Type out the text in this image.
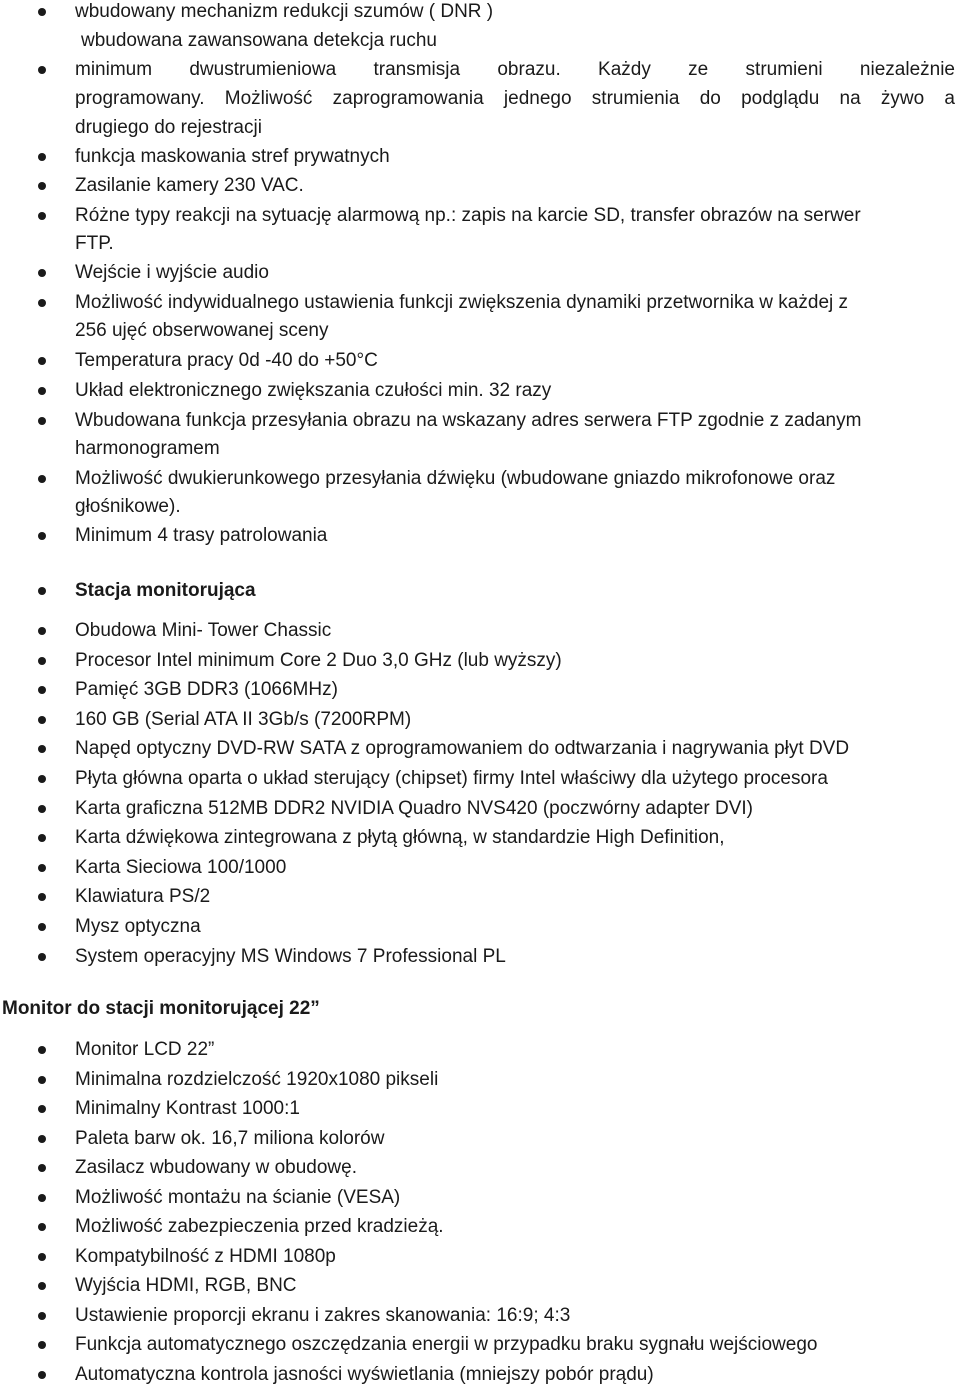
wbudowany mechanizm redukcji szumów ( DNR )
wbudowana zawansowana detekcja ruchu
minimum dwustrumieniowa transmisja obrazu. Każdy ze strumieni niezależnie
programowany. Możliwość zaprogramowania jednego strumienia do podglądu na żywo a
drugiego do rejestracji
funkcja maskowania stref prywatnych
Zasilanie kamery 230 VAC.
Różne typy reakcji na sytuację alarmową np.: zapis na karcie SD, transfer obrazów na serwer
FTP.
Wejście i wyjście audio
Możliwość indywidualnego ustawienia funkcji zwiększenia dynamiki przetwornika w każdej z
256 ujęć obserwowanej sceny
Temperatura pracy 0d -40 do +50°C
Układ elektronicznego zwiększania czułości min. 32 razy
Wbudowana funkcja przesyłania obrazu na wskazany adres serwera FTP zgodnie z zadanym
harmonogramem
Możliwość dwukierunkowego przesyłania dźwięku (wbudowane gniazdo mikrofonowe oraz
głośnikowe).
Minimum 4 trasy patrolowania
Stacja monitorująca
Obudowa Mini- Tower Chassic
Procesor Intel minimum Core 2 Duo 3,0 GHz (lub wyższy)
Pamięć 3GB DDR3 (1066MHz)
160 GB (Serial ATA II 3Gb/s (7200RPM)
Napęd optyczny DVD-RW SATA z oprogramowaniem do odtwarzania i nagrywania płyt DVD
Płyta główna oparta o układ sterujący (chipset) firmy Intel właściwy dla użytego procesora
Karta graficzna 512MB DDR2 NVIDIA Quadro NVS420 (poczwórny adapter DVI)
Karta dźwiękowa zintegrowana z płytą główną, w standardzie High Definition,
Karta Sieciowa 100/1000
Klawiatura PS/2
Mysz optyczna
System operacyjny MS Windows 7 Professional PL
Monitor do stacji monitorującej 22”
Monitor LCD 22”
Minimalna rozdzielczość 1920x1080 pikseli
Minimalny Kontrast 1000:1
Paleta barw ok. 16,7 miliona kolorów
Zasilacz wbudowany w obudowę.
Możliwość montażu na ścianie (VESA)
Możliwość zabezpieczenia przed kradzieżą.
Kompatybilność z HDMI 1080p
Wyjścia HDMI, RGB, BNC
Ustawienie proporcji ekranu i zakres skanowania: 16:9; 4:3
Funkcja automatycznego oszczędzania energii w przypadku braku sygnału wejściowego
Automatyczna kontrola jasności wyświetlania (mniejszy pobór prądu)
